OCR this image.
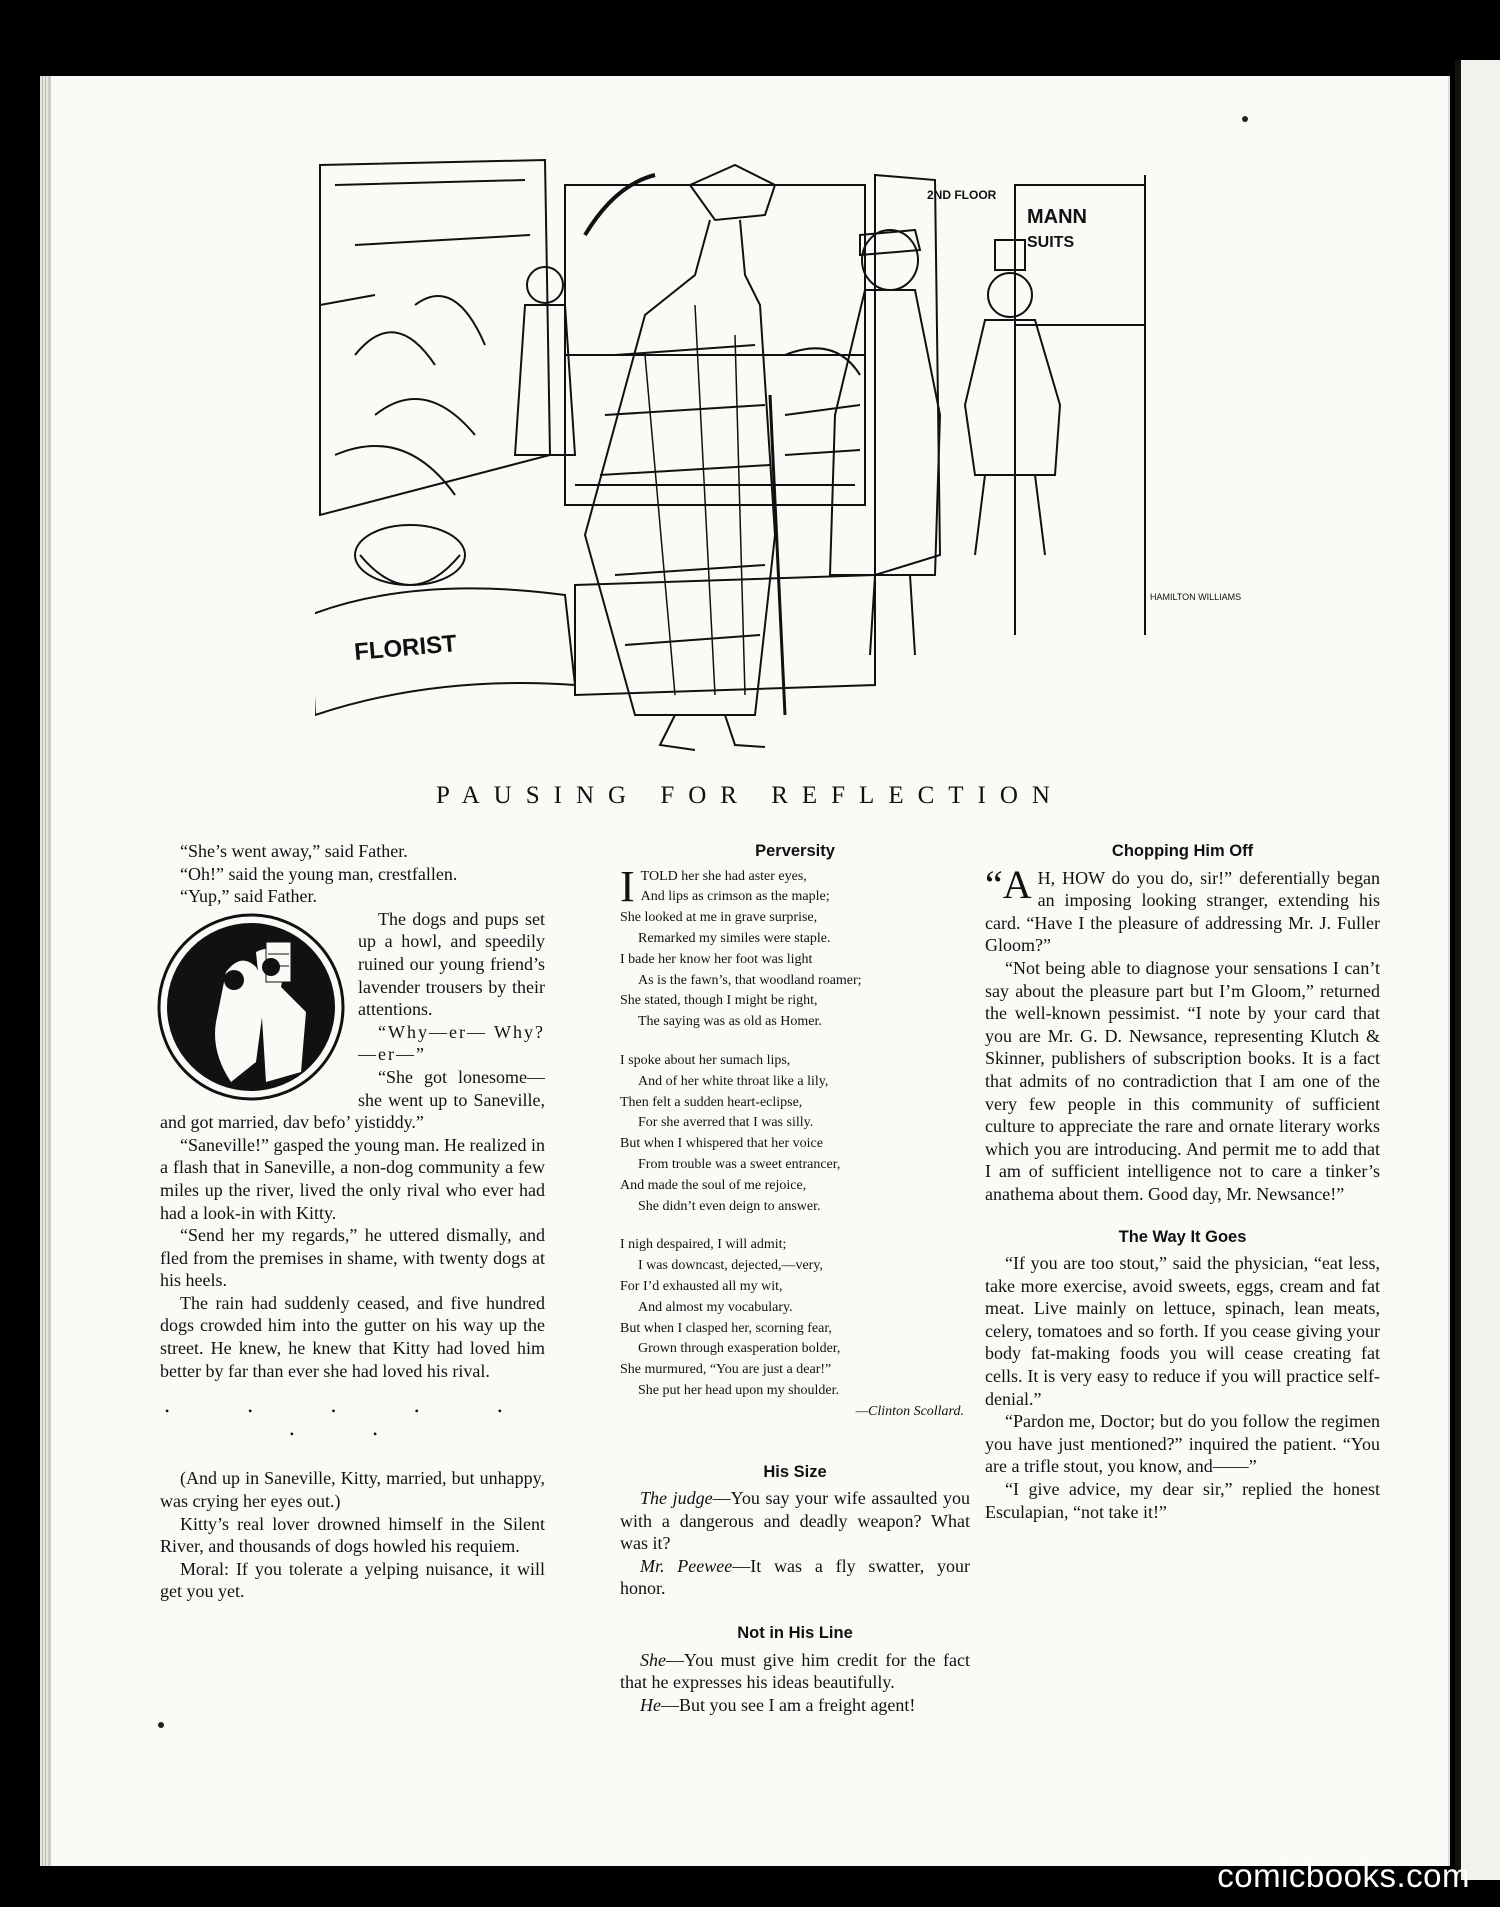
FLORIST
2ND FLOOR
MANN
SUITS
HAMILTON WILLIAMS
PAUSING FOR REFLECTION

“She’s went away,” said Father.

“Oh!” said the young man, crestfallen.

“Yup,” said Father.

The dogs and pups set up a howl, and speedily ruined our young friend’s lavender trousers by their attentions.

“Why—er— Why?—er—”

“She got lonesome—she went up to Saneville, and got married, dav befo’ yistiddy.”

“Saneville!” gasped the young man. He realized in a flash that in Saneville, a non-dog community a few miles up the river, lived the only rival who ever had had a look-in with Kitty.

“Send her my regards,” he uttered dismally, and fled from the premises in shame, with twenty dogs at his heels.

The rain had suddenly ceased, and five hundred dogs crowded him into the gutter on his way up the street. He knew, he knew that Kitty had loved him better by far than ever she had loved his rival.

• • • • • • •

(And up in Saneville, Kitty, married, but unhappy, was crying her eyes out.)

Kitty’s real lover drowned himself in the Silent River, and thousands of dogs howled his requiem.

Moral: If you tolerate a yelping nuisance, it will get you yet.

Perversity
I TOLD her she had aster eyes,
And lips as crimson as the maple;
She looked at me in grave surprise,
Remarked my similes were staple.
I bade her know her foot was light
As is the fawn’s, that woodland roamer;
She stated, though I might be right,
The saying was as old as Homer.
I spoke about her sumach lips,
And of her white throat like a lily,
Then felt a sudden heart-eclipse,
For she averred that I was silly.
But when I whispered that her voice
From trouble was a sweet entrancer,
And made the soul of me rejoice,
She didn’t even deign to answer.
I nigh despaired, I will admit;
I was downcast, dejected,—very,
For I’d exhausted all my wit,
And almost my vocabulary.
But when I clasped her, scorning fear,
Grown through exasperation bolder,
She murmured, “You are just a dear!”
She put her head upon my shoulder.
—Clinton Scollard.
His Size

The judge—You say your wife assaulted you with a dangerous and deadly weapon? What was it?

Mr. Peewee—It was a fly swatter, your honor.

Not in His Line

She—You must give him credit for the fact that he expresses his ideas beautifully.

He—But you see I am a freight agent!

Chopping Him Off

“A H, HOW do you do, sir!” deferentially began an imposing looking stranger, extending his card. “Have I the pleasure of addressing Mr. J. Fuller Gloom?”

“Not being able to diagnose your sensations I can’t say about the pleasure part but I’m Gloom,” returned the well-known pessimist. “I note by your card that you are Mr. G. D. Newsance, representing Klutch & Skinner, publishers of subscription books. It is a fact that admits of no contradiction that I am one of the very few people in this community of sufficient culture to appreciate the rare and ornate literary works which you are introducing. And permit me to add that I am of sufficient intelligence not to care a tinker’s anathema about them. Good day, Mr. Newsance!”

The Way It Goes

“If you are too stout,” said the physician, “eat less, take more exercise, avoid sweets, eggs, cream and fat meat. Live mainly on lettuce, spinach, lean meats, celery, tomatoes and so forth. If you cease giving your body fat-making foods you will cease creating fat cells. It is very easy to reduce if you will practice self-denial.”

“Pardon me, Doctor; but do you follow the regimen you have just mentioned?” inquired the patient. “You are a trifle stout, you know, and——”

“I give advice, my dear sir,” replied the honest Esculapian, “not take it!”

comicbooks.com
